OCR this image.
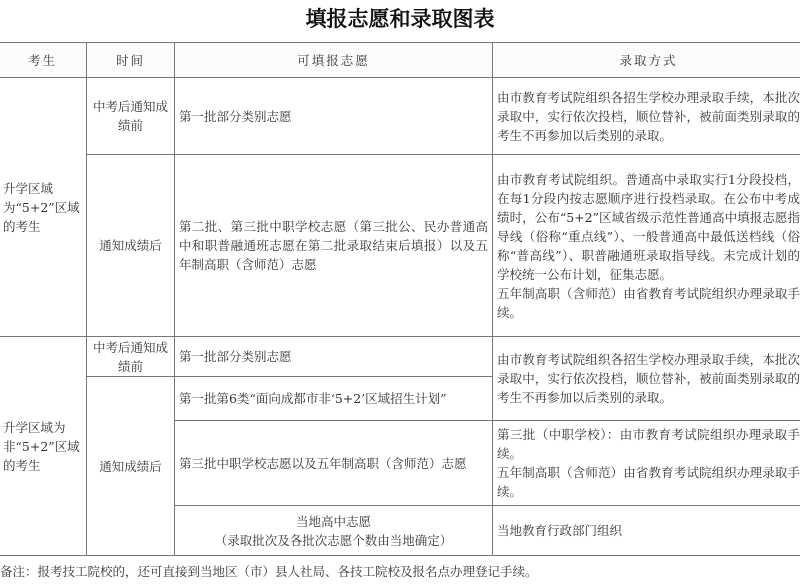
填报志愿和录取图表
考生	时间	可填报志愿	录取方式
升学区域为“5+2”区域的考生	中考后通知成绩前	第一批部分类别志愿	由市教育考试院组织各招生学校办理录取手续，本批次录取中，实行依次投档，顺位替补，被前面类别录取的考生不再参加以后类别的录取。
	通知成绩后	第二批、第三批中职学校志愿（第三批公、民办普通高中和职普融通班志愿在第二批录取结束后填报）以及五年制高职（含师范）志愿	由市教育考试院组织。普通高中录取实行1分段投档，在每1分段内按志愿顺序进行投档录取。在公布中考成绩时，公布“5+2”区域省级示范性普通高中填报志愿指导线（俗称“重点线”）、一般普通高中最低送档线（俗称“普高线”）、职普融通班录取指导线。未完成计划的学校统一公布计划，征集志愿。
五年制高职（含师范）由省教育考试院组织办理录取手续。

升学区域为非“5+2”区域的考生	中考后通知成绩前	第一批部分类别志愿	由市教育考试院组织各招生学校办理录取手续，本批次录取中，实行依次投档，顺位替补，被前面类别录取的考生不再参加以后类别的录取。
	通知成绩后	第一批第6类“面向成都市非‘5+2’区域招生计划”	
		第三批中职学校志愿以及五年制高职（含师范）志愿	第三批（中职学校）：由市教育考试院组织办理录取手续。
五年制高职（含师范）由省教育考试院组织办理录取手续。

		当地高中志愿
（录取批次及各批次志愿个数由当地确定）	当地教育行政部门组织
备注：报考技工院校的，还可直接到当地区（市）县人社局、各技工院校及报名点办理登记手续。
